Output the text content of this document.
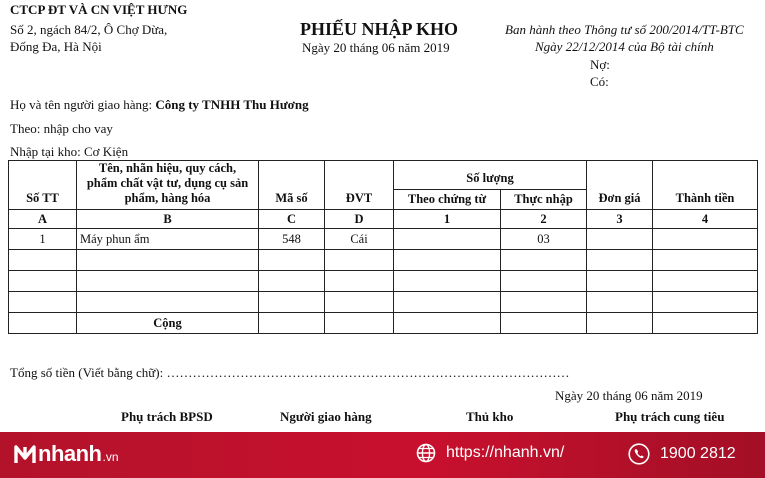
CTCP ĐT VÀ CN VIỆT HƯNG
Số 2, ngách 84/2, Ô Chợ Dừa,
Đống Đa, Hà Nội
PHIẾU NHẬP KHO
Ngày 20 tháng 06 năm 2019
Ban hành theo Thông tư số 200/2014/TT-BTC
Ngày 22/12/2014 của Bộ tài chính
Nợ:
Có:
Họ và tên người giao hàng: Công ty TNHH Thu Hương
Theo: nhập cho vay
Nhập tại kho: Cơ Kiện
Số TT	Tên, nhãn hiệu, quy cách,
phẩm chất vật tư, dụng cụ sản
phẩm, hàng hóa	Mã số	ĐVT	Số lượng		Đơn giá	Thành tiền
				Theo chứng từ	Thực nhập		
A	B	C	D	1	2	3	4
1	Máy phun ẩm	548	Cái		03		

	Cộng						
Tổng số tiền (Viết bằng chữ): …………………………………………………………………………………
Ngày 20 tháng 06 năm 2019
Phụ trách BPSD	Người giao hàng	Thủ kho	Phụ trách cung tiêu
nhanh .vn	https://nhanh.vn/	1900 2812
